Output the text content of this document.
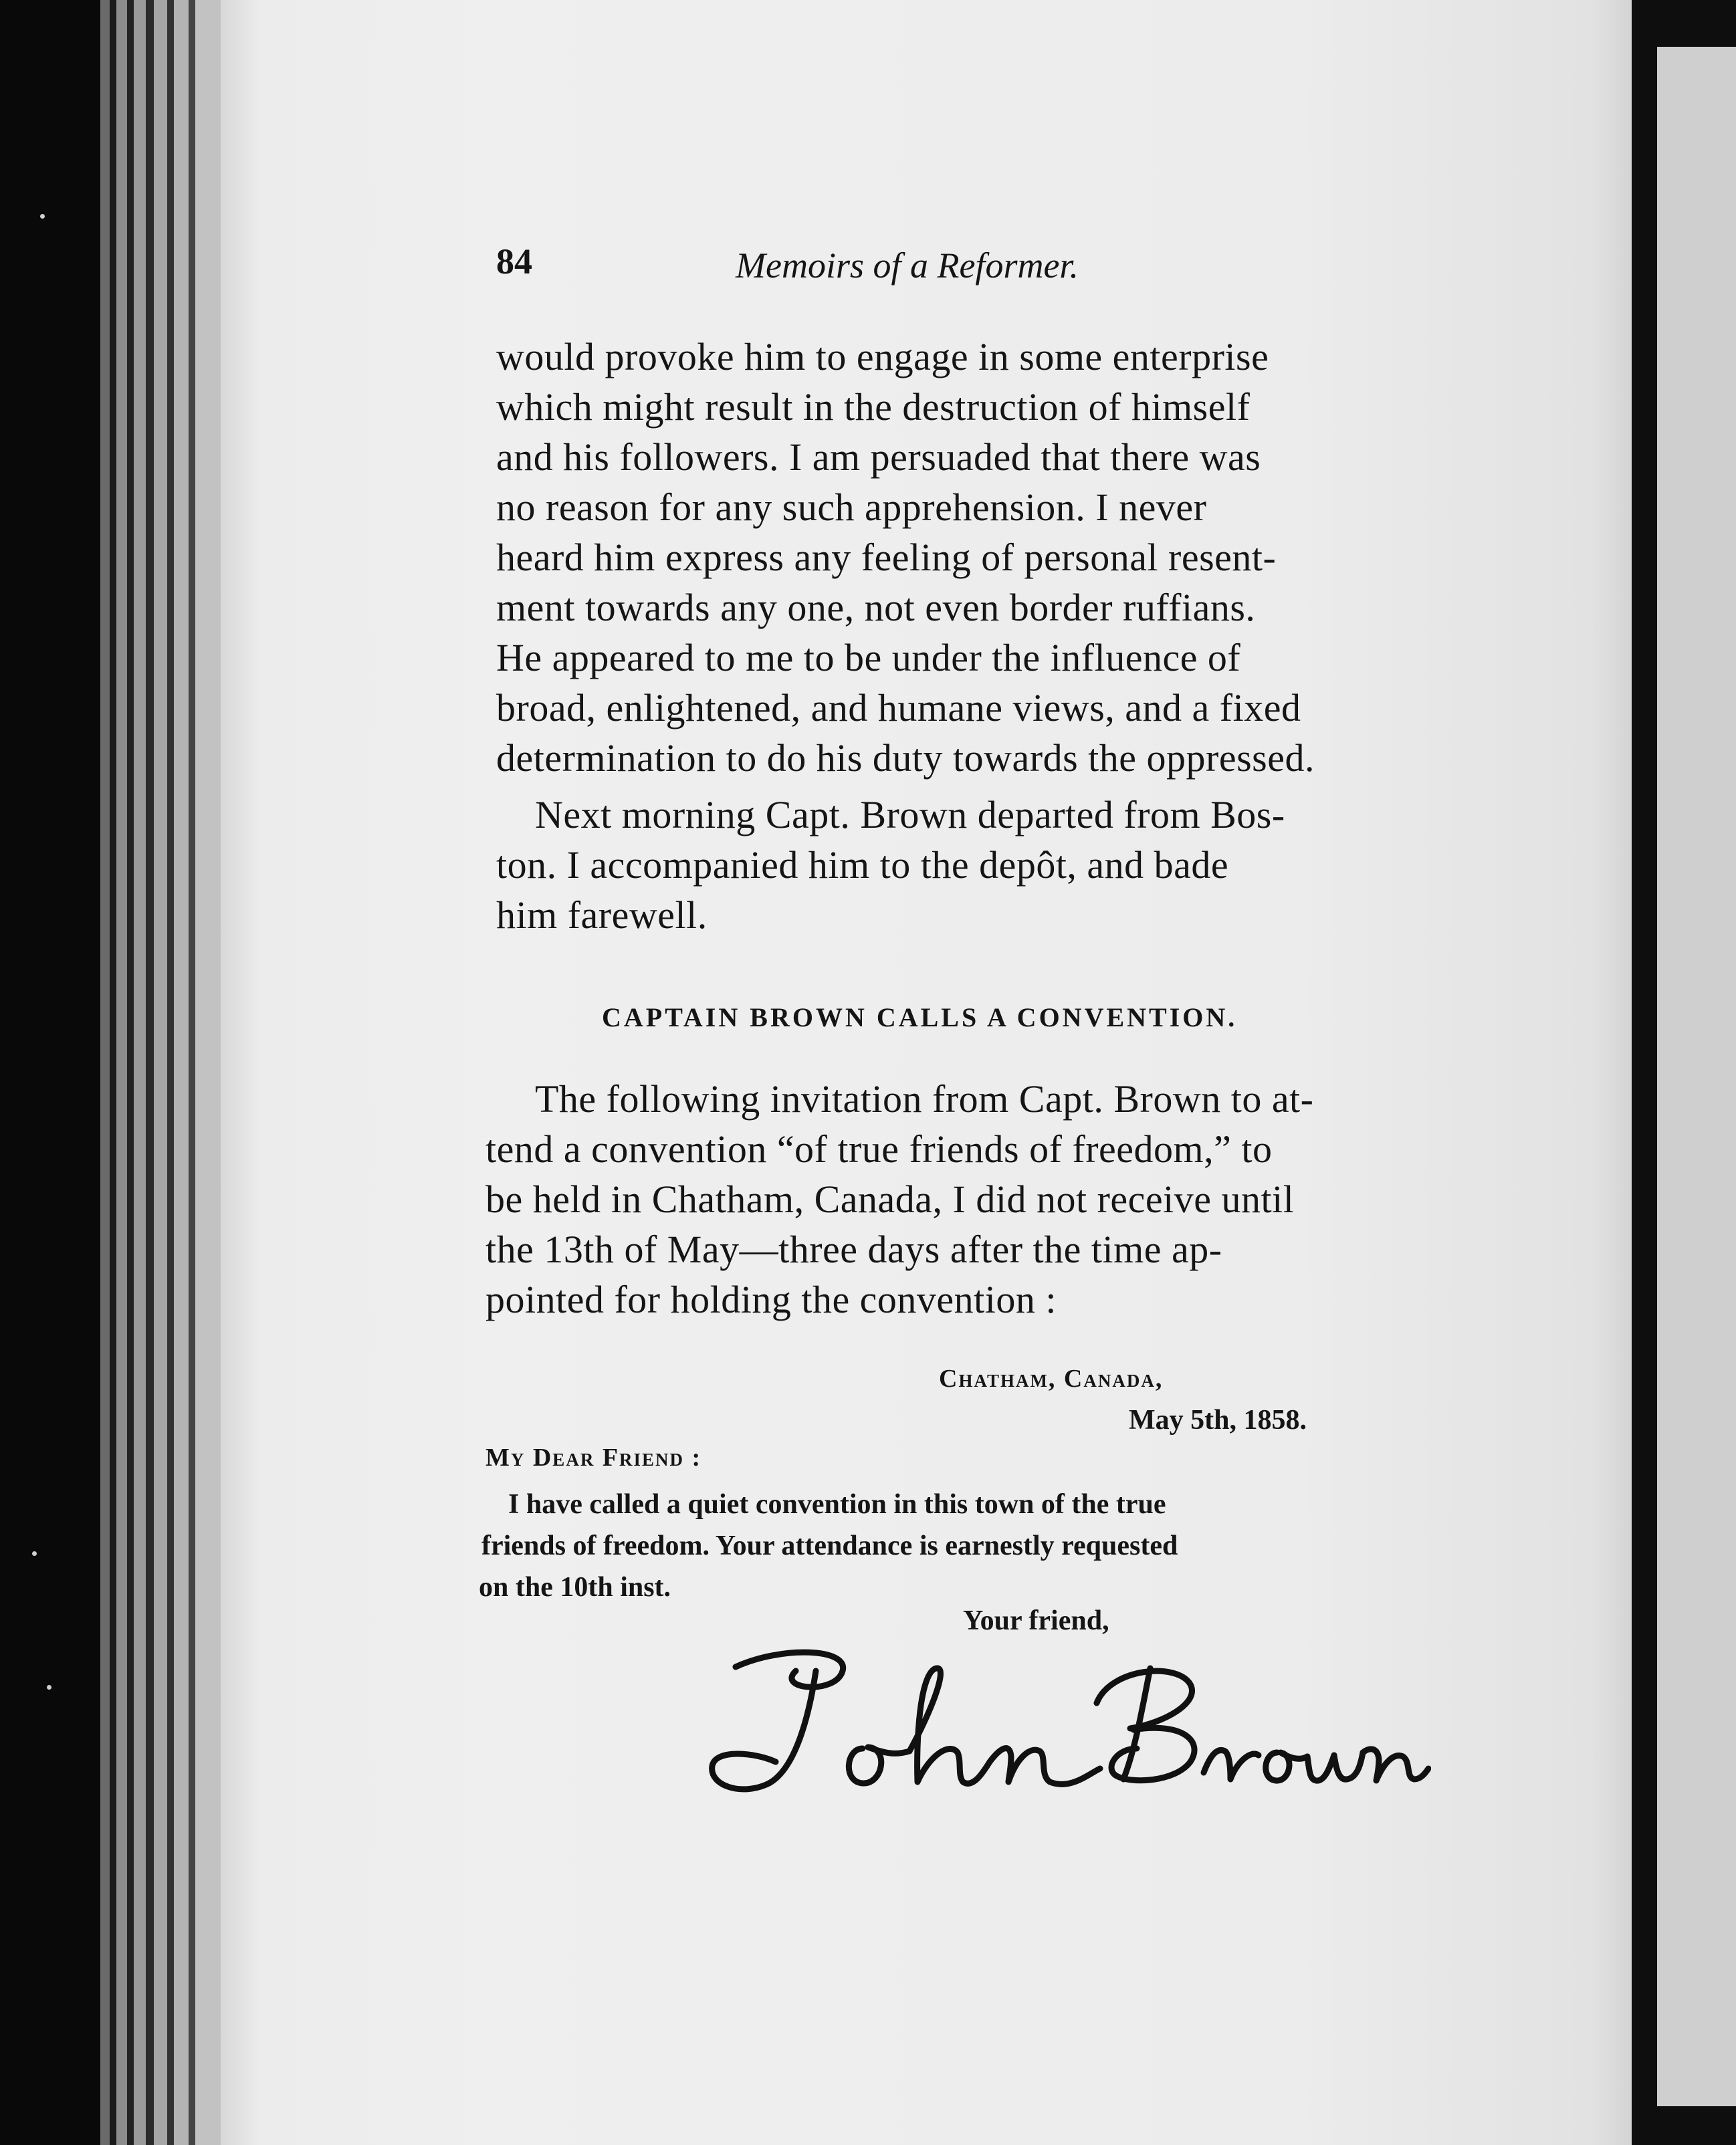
84	Memoirs of a Reformer.
would provoke him to engage in some enterprise
which might result in the destruction of himself
and his followers. I am persuaded that there was
no reason for any such apprehension. I never
heard him express any feeling of personal resent-
ment towards any one, not even border ruffians.
He appeared to me to be under the influence of
broad, enlightened, and humane views, and a fixed
determination to do his duty towards the oppressed.
Next morning Capt. Brown departed from Bos-
ton. I accompanied him to the depôt, and bade
him farewell.
CAPTAIN BROWN CALLS A CONVENTION.
The following invitation from Capt. Brown to at-
tend a convention “of true friends of freedom,” to
be held in Chatham, Canada, I did not receive until
the 13th of May—three days after the time ap-
pointed for holding the convention :
Chatham, Canada,
May 5th, 1858.
My Dear Friend :
I have called a quiet convention in this town of the true
friends of freedom. Your attendance is earnestly requested
on the 10th inst.
Your friend,
